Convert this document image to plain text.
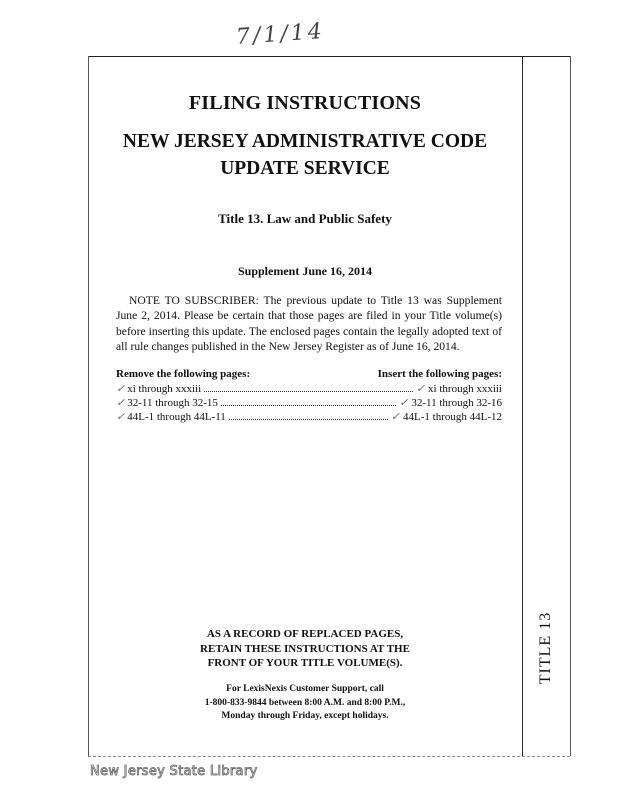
7/1/14
FILING INSTRUCTIONS
NEW JERSEY ADMINISTRATIVE CODE
UPDATE SERVICE
Title 13. Law and Public Safety
Supplement June 16, 2014
NOTE TO SUBSCRIBER: The previous update to Title 13 was Supplement June 2, 2014. Please be certain that those pages are filed in your Title volume(s) before inserting this update. The enclosed pages contain the legally adopted text of all rule changes published in the New Jersey Register as of June 16, 2014.
Remove the following pages:	Insert the following pages:
✓ xi through xxxiii	✓ xi through xxxiii
✓ 32-11 through 32-15	✓ 32-11 through 32-16
✓ 44L-1 through 44L-11	✓ 44L-1 through 44L-12
AS A RECORD OF REPLACED PAGES,
RETAIN THESE INSTRUCTIONS AT THE
FRONT OF YOUR TITLE VOLUME(S).
For LexisNexis Customer Support, call
1-800-833-9844 between 8:00 A.M. and 8:00 P.M.,
Monday through Friday, except holidays.
TITLE 13
New Jersey State Library
